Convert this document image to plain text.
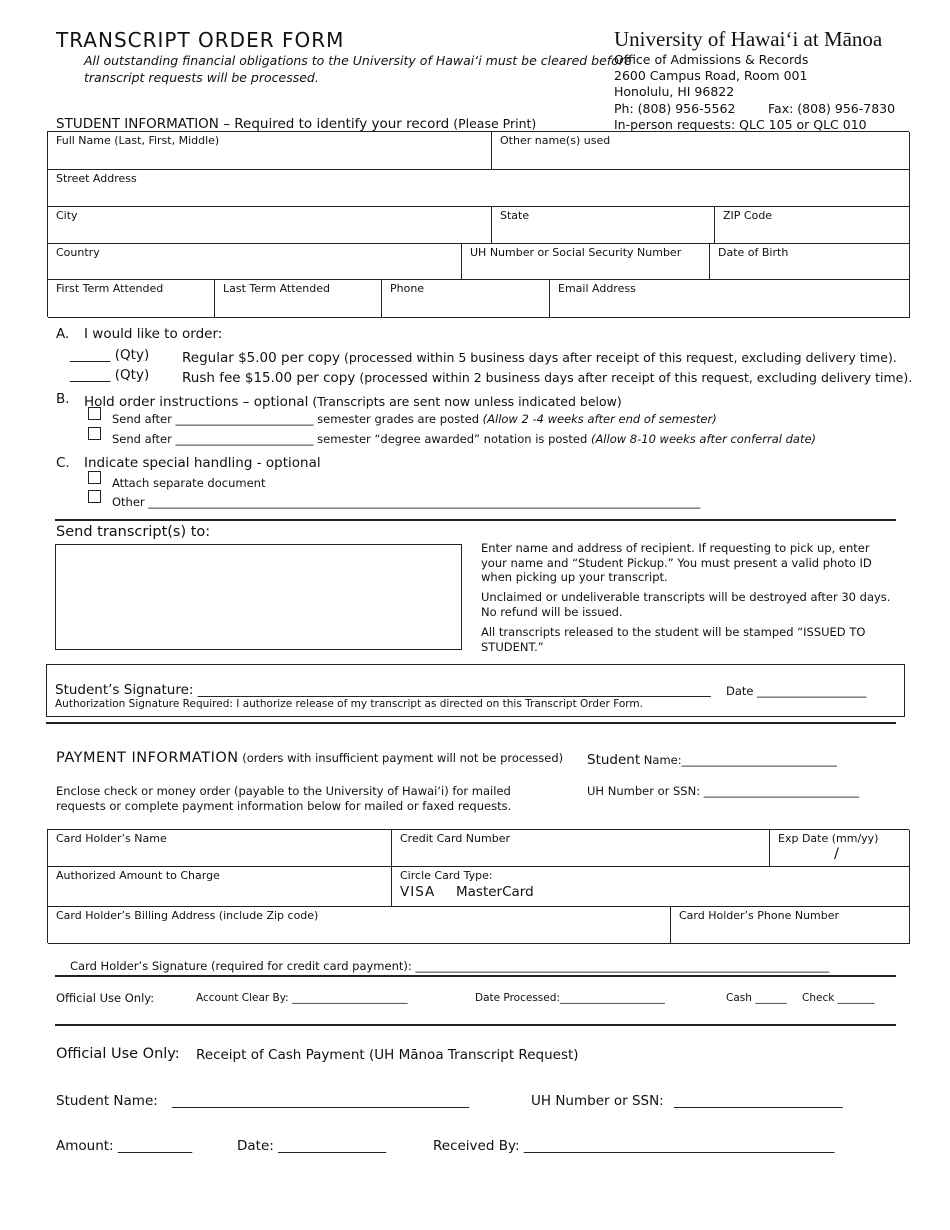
TRANSCRIPT ORDER FORM
All outstanding financial obligations to the University of Hawai‘i must be cleared before
transcript requests will be processed.
University of Hawai‘i at Mānoa
Office of Admissions & Records
2600 Campus Road, Room 001
Honolulu, HI 96822
Ph: (808) 956-5562	Fax: (808) 956-7830
In-person requests: QLC 105 or QLC 010
STUDENT INFORMATION – Required to identify your record (Please Print)
Full Name (Last, First, Middle)	Other name(s) used
Street Address
City	State	ZIP Code
Country	UH Number or Social Security Number	Date of Birth
First Term Attended	Last Term Attended	Phone	Email Address
A. I would like to order:
______ (Qty) Regular $5.00 per copy (processed within 5 business days after receipt of this request, excluding delivery time).
______ (Qty) Rush fee $15.00 per copy (processed within 2 business days after receipt of this request, excluding delivery time).
B. Hold order instructions – optional (Transcripts are sent now unless indicated below)
Send after ________________________ semester grades are posted (Allow 2 -4 weeks after end of semester)
Send after ________________________ semester “degree awarded” notation is posted (Allow 8-10 weeks after conferral date)
C. Indicate special handling - optional
Attach separate document
Other ________________________________________________________________________________________________
Send transcript(s) to:
Enter name and address of recipient. If requesting to pick up, enter your name and “Student Pickup.” You must present a valid photo ID when picking up your transcript.
Unclaimed or undeliverable transcripts will be destroyed after 30 days. No refund will be issued.
All transcripts released to the student will be stamped “ISSUED TO STUDENT.”
Student’s Signature: ____________________________________________________________________________ Date ___________________
Authorization Signature Required: I authorize release of my transcript as directed on this Transcript Order Form.
PAYMENT INFORMATION (orders with insufficient payment will not be processed) Student Name:___________________________
Enclose check or money order (payable to the University of Hawai‘i) for mailed
requests or complete payment information below for mailed or faxed requests.
UH Number or SSN: ___________________________
Card Holder’s Name	Credit Card Number	Exp Date (mm/yy)
/
Authorized Amount to Charge	Circle Card Type:
VISA MasterCard
Card Holder’s Billing Address (include Zip code)	Card Holder’s Phone Number
Card Holder’s Signature (required for credit card payment): ________________________________________________________________________
Official Use Only:	Account Clear By: ______________________	Date Processed:____________________	Cash ______ Check _______
Official Use Only: Receipt of Cash Payment (UH Mānoa Transcript Request)
Student Name: ____________________________________________	UH Number or SSN: _________________________
Amount: ___________	Date: ________________	Received By: ______________________________________________
